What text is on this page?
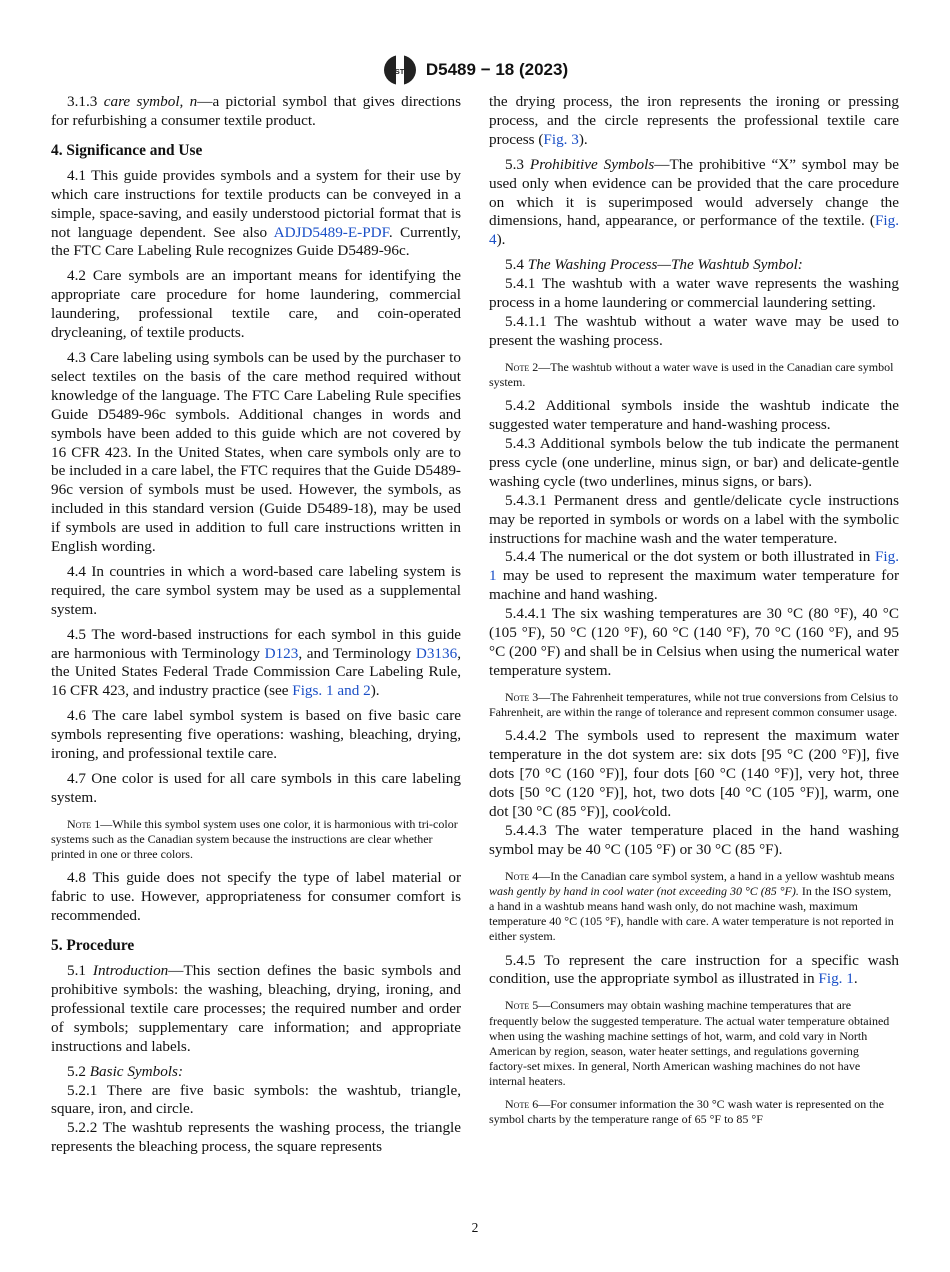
ASTM D5489 − 18 (2023)

3.1.3 care symbol, n—a pictorial symbol that gives directions for refurbishing a consumer textile product.

4. Significance and Use

4.1 This guide provides symbols and a system for their use by which care instructions for textile products can be conveyed in a simple, space-saving, and easily understood pictorial format that is not language dependent. See also ADJD5489-E-PDF. Currently, the FTC Care Labeling Rule recognizes Guide D5489-96c.

4.2 Care symbols are an important means for identifying the appropriate care procedure for home laundering, commercial laundering, professional textile care, and coin-operated drycleaning, of textile products.

4.3 Care labeling using symbols can be used by the purchaser to select textiles on the basis of the care method required without knowledge of the language. The FTC Care Labeling Rule specifies Guide D5489-96c symbols. Additional changes in words and symbols have been added to this guide which are not covered by 16 CFR 423. In the United States, when care symbols only are to be included in a care label, the FTC requires that the Guide D5489-96c version of symbols must be used. However, the symbols, as included in this standard version (Guide D5489-18), may be used if symbols are used in addition to full care instructions written in English wording.

4.4 In countries in which a word-based care labeling system is required, the care symbol system may be used as a supplemental system.

4.5 The word-based instructions for each symbol in this guide are harmonious with Terminology D123, and Terminology D3136, the United States Federal Trade Commission Care Labeling Rule, 16 CFR 423, and industry practice (see Figs. 1 and 2).

4.6 The care label symbol system is based on five basic care symbols representing five operations: washing, bleaching, drying, ironing, and professional textile care.

4.7 One color is used for all care symbols in this care labeling system.

Note 1—While this symbol system uses one color, it is harmonious with tri-color systems such as the Canadian system because the instructions are clear whether printed in one or three colors.

4.8 This guide does not specify the type of label material or fabric to use. However, appropriateness for consumer comfort is recommended.

5. Procedure

5.1 Introduction—This section defines the basic symbols and prohibitive symbols: the washing, bleaching, drying, ironing, and professional textile care processes; the required number and order of symbols; supplementary care information; and appropriate instructions and labels.

5.2 Basic Symbols:

5.2.1 There are five basic symbols: the washtub, triangle, square, iron, and circle.

5.2.2 The washtub represents the washing process, the triangle represents the bleaching process, the square represents

the drying process, the iron represents the ironing or pressing process, and the circle represents the professional textile care process (Fig. 3).

5.3 Prohibitive Symbols—The prohibitive “X” symbol may be used only when evidence can be provided that the care procedure on which it is superimposed would adversely change the dimensions, hand, appearance, or performance of the textile. (Fig. 4).

5.4 The Washing Process—The Washtub Symbol:

5.4.1 The washtub with a water wave represents the washing process in a home laundering or commercial laundering setting.

5.4.1.1 The washtub without a water wave may be used to present the washing process.

Note 2—The washtub without a water wave is used in the Canadian care symbol system.

5.4.2 Additional symbols inside the washtub indicate the suggested water temperature and hand-washing process.

5.4.3 Additional symbols below the tub indicate the permanent press cycle (one underline, minus sign, or bar) and delicate-gentle washing cycle (two underlines, minus signs, or bars).

5.4.3.1 Permanent dress and gentle/delicate cycle instructions may be reported in symbols or words on a label with the symbolic instructions for machine wash and the water temperature.

5.4.4 The numerical or the dot system or both illustrated in Fig. 1 may be used to represent the maximum water temperature for machine and hand washing.

5.4.4.1 The six washing temperatures are 30 °C (80 °F), 40 °C (105 °F), 50 °C (120 °F), 60 °C (140 °F), 70 °C (160 °F), and 95 °C (200 °F) and shall be in Celsius when using the numerical water temperature system.

Note 3—The Fahrenheit temperatures, while not true conversions from Celsius to Fahrenheit, are within the range of tolerance and represent common consumer usage.

5.4.4.2 The symbols used to represent the maximum water temperature in the dot system are: six dots [95 °C (200 °F)], five dots [70 °C (160 °F)], four dots [60 °C (140 °F)], very hot, three dots [50 °C (120 °F)], hot, two dots [40 °C (105 °F)], warm, one dot [30 °C (85 °F)], cool⁄cold.

5.4.4.3 The water temperature placed in the hand washing symbol may be 40 °C (105 °F) or 30 °C (85 °F).

Note 4—In the Canadian care symbol system, a hand in a yellow washtub means wash gently by hand in cool water (not exceeding 30 °C (85 °F). In the ISO system, a hand in a washtub means hand wash only, do not machine wash, maximum temperature 40 °C (105 °F), handle with care. A water temperature is not reported in either system.

5.4.5 To represent the care instruction for a specific wash condition, use the appropriate symbol as illustrated in Fig. 1.

Note 5—Consumers may obtain washing machine temperatures that are frequently below the suggested temperature. The actual water temperature obtained when using the washing machine settings of hot, warm, and cold vary in North American by region, season, water heater settings, and regulations governing factory-set mixes. In general, North American washing machines do not have internal heaters.
Note 6—For consumer information the 30 °C wash water is represented on the symbol charts by the temperature range of 65 °F to 85 °F
2
